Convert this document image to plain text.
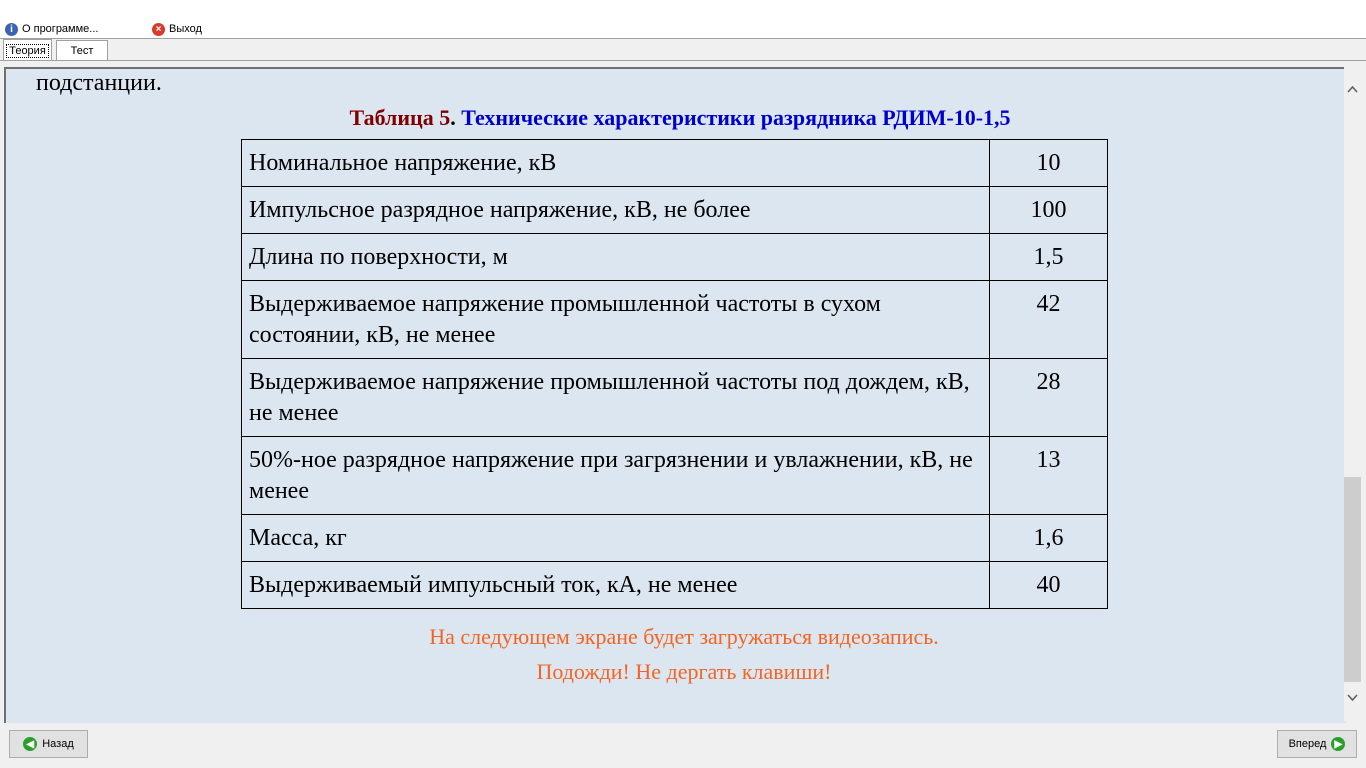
i О программе...	× Выход
Теория Тест
подстанции.
Таблица 5. Технические характеристики разрядника РДИМ-10-1,5
Номинальное напряжение, кВ	10
Импульсное разрядное напряжение, кВ, не более	100
Длина по поверхности, м	1,5
Выдерживаемое напряжение промышленной частоты в сухом состоянии, кВ, не менее	42
Выдерживаемое напряжение промышленной частоты под дождем, кВ, не менее	28
50%-ное разрядное напряжение при загрязнении и увлажнении, кВ, не менее	13
Масса, кг	1,6
Выдерживаемый импульсный ток, кА, не менее	40
На следующем экране будет загружаться видеозапись.
Подожди! Не дергать клавиши!
◀ Назад	Вперед ▶
